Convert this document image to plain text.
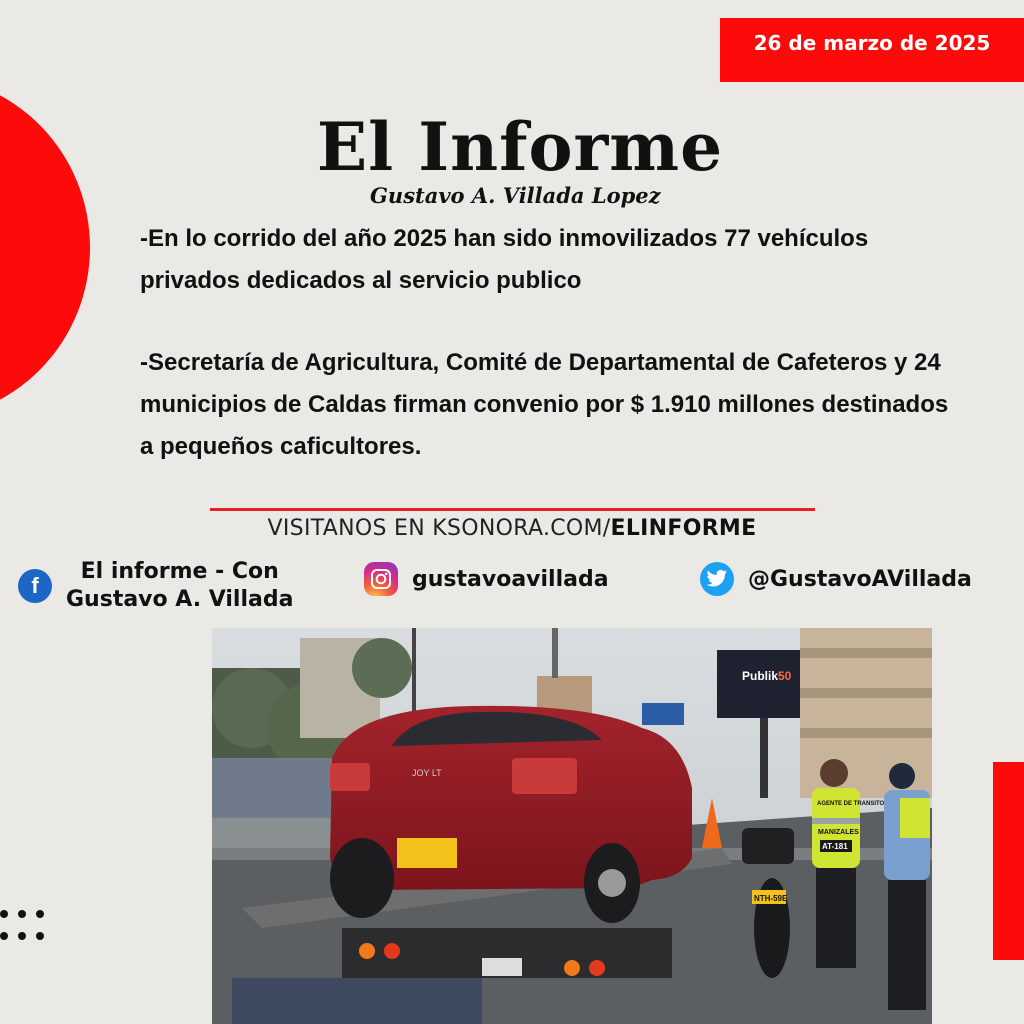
26 de marzo de 2025
El Informe
Gustavo A. Villada Lopez

-En lo corrido del año 2025 han sido inmovilizados 77 vehículos privados dedicados al servicio publico

-Secretaría de Agricultura, Comité de Departamental de Cafeteros y 24 municipios de Caldas firman convenio por $ 1.910 millones destinados a pequeños caficultores.

VISITANOS EN KSONORA.COM/ELINFORME
f
El informe - Con
Gustavo A. Villada
gustavoavillada	@GustavoAVillada
Publik 50
JOY LT
NTH-59E
AGENTE DE TRANSITO
MANIZALES
AT-181
